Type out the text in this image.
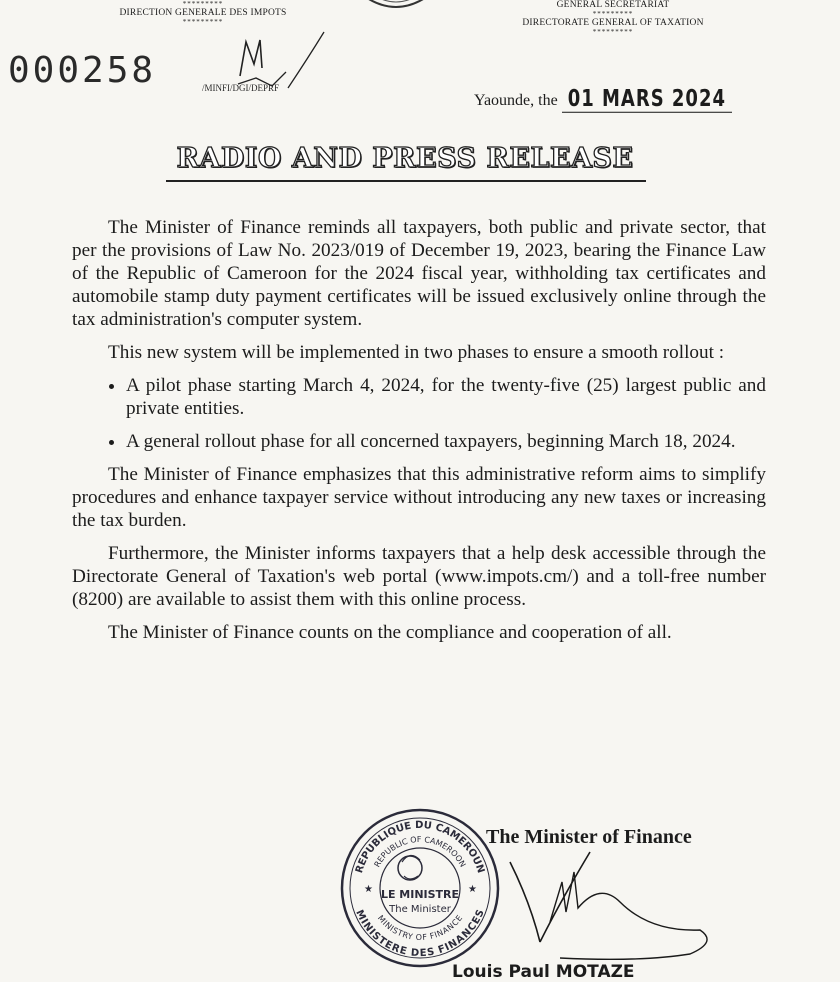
*********
DIRECTION GENERALE DES IMPOTS
*********
GENERAL SECRETARIAT
*********
DIRECTORATE GENERAL OF TAXATION
*********
000258	/MINFI/DGI/DEPRF
Yaounde, the 01 MARS 2024
RADIO AND PRESS RELEASE

The Minister of Finance reminds all taxpayers, both public and private sector, that per the provisions of Law No. 2023/019 of December 19, 2023, bearing the Finance Law of the Republic of Cameroon for the 2024 fiscal year, withholding tax certificates and automobile stamp duty payment certificates will be issued exclusively online through the tax administration's computer system.

This new system will be implemented in two phases to ensure a smooth rollout :

• A pilot phase starting March 4, 2024, for the twenty-five (25) largest public and private entities.
• A general rollout phase for all concerned taxpayers, beginning March 18, 2024.

The Minister of Finance emphasizes that this administrative reform aims to simplify procedures and enhance taxpayer service without introducing any new taxes or increasing the tax burden.

Furthermore, the Minister informs taxpayers that a help desk accessible through the Directorate General of Taxation's web portal (www.impots.cm/) and a toll-free number (8200) are available to assist them with this online process.

The Minister of Finance counts on the compliance and cooperation of all.

REPUBLIQUE DU CAMEROUN
REPUBLIC OF CAMEROON
MINISTERE DES FINANCES
MINISTRY OF FINANCE
LE MINISTRE
The Minister
★	★
The Minister of Finance
Louis Paul MOTAZE
